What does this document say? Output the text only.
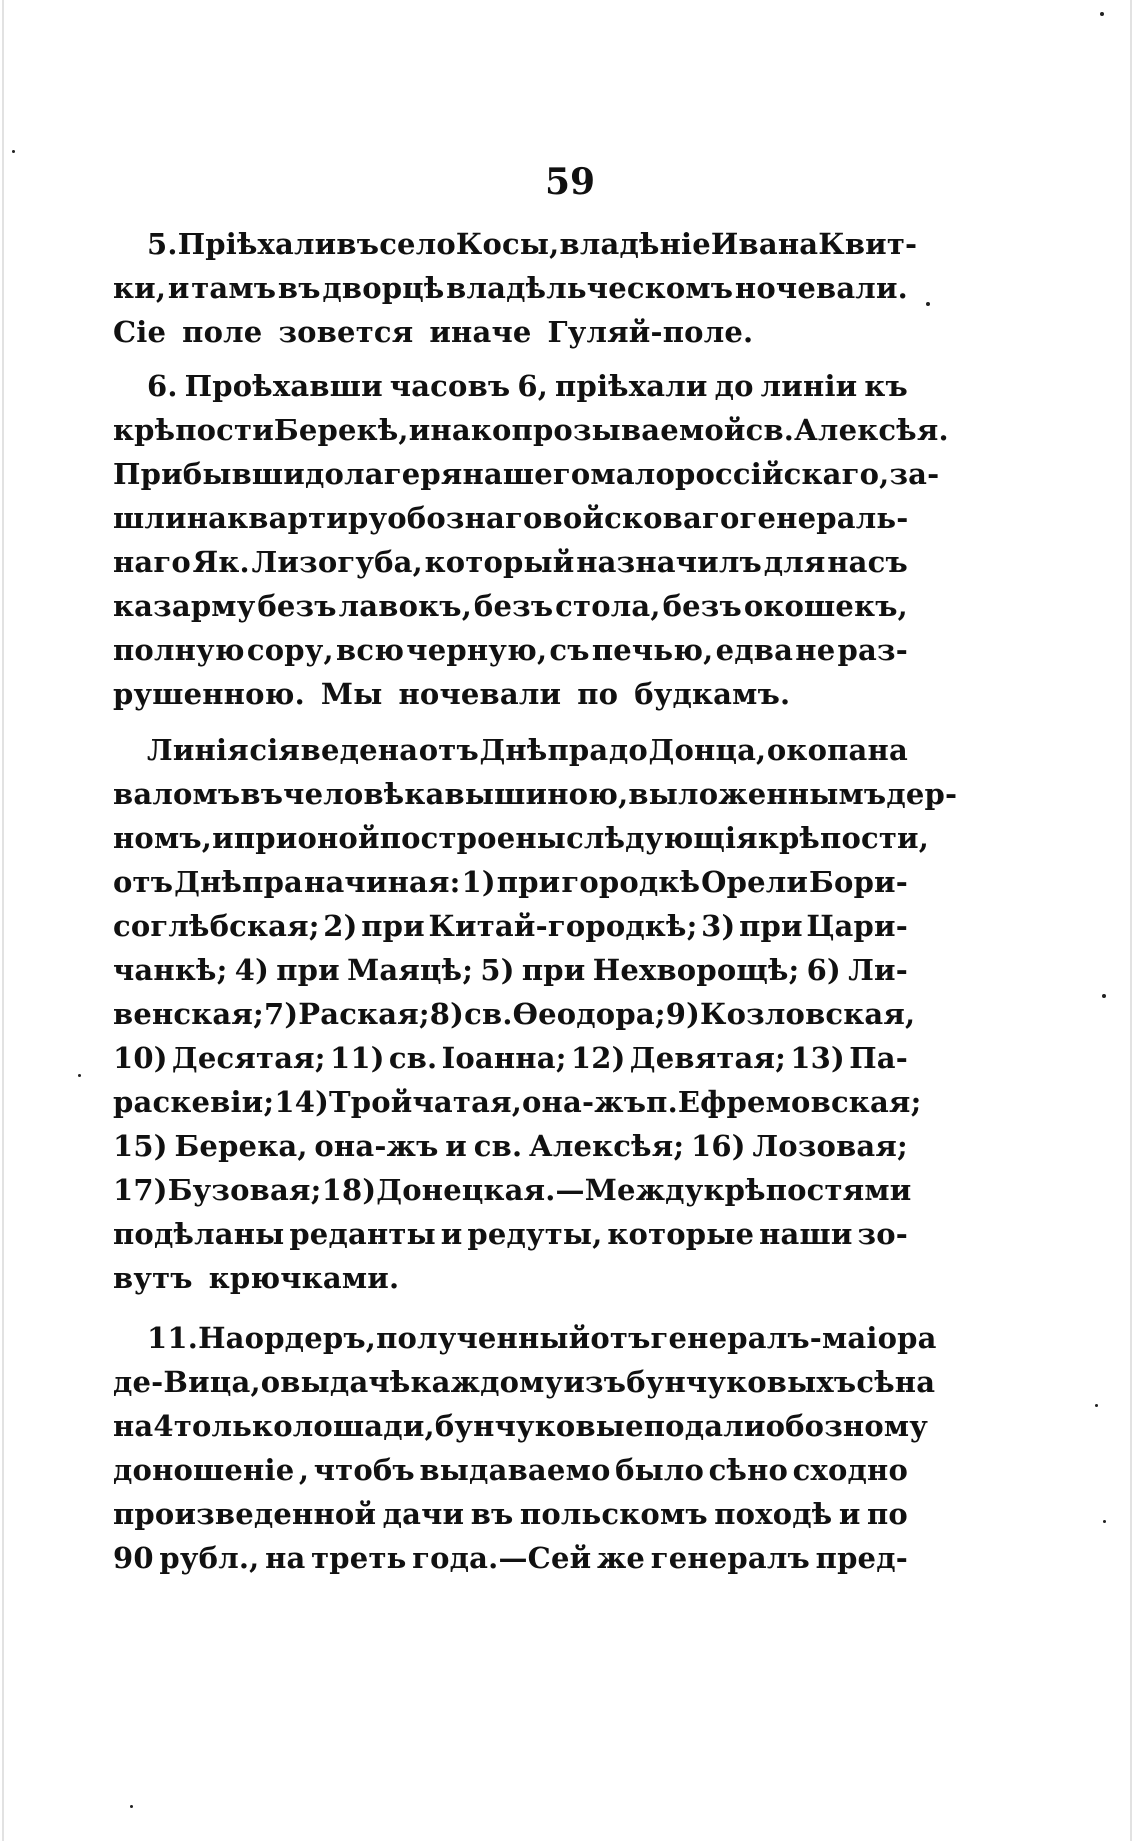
59
5. Пріѣхали въ село Косы, владѣніе Ивана Квит-
ки, и тамъ въ дворцѣ владѣльческомъ ночевали.
Сіе поле зовется иначе Гуляй-поле.
6. Проѣхавши часовъ 6, пріѣхали до линіи къ
крѣпости Берекѣ, инако прозываемой св. Алексѣя.
Прибывши до лагеря нашего малороссійскаго, за-
шли на квартиру обознаго войсковаго генераль-
наго Як. Лизогуба, который назначилъ для насъ
казарму безъ лавокъ, безъ стола, безъ окошекъ,
полную сору, всю черную, съ печью, едва не раз-
рушенною. Мы ночевали по будкамъ.
Линія сія ведена отъ Днѣпра до Донца, окопана
валомъ въ человѣка вышиною, выложеннымъ дер-
номъ, и при оной построены слѣдующія крѣпости,
отъ Днѣпра начиная: 1) при городкѣ Орели Бори-
соглѣбская; 2) при Китай-городкѣ; 3) при Цари-
чанкѣ; 4) при Маяцѣ; 5) при Нехворощѣ; 6) Ли-
венская; 7) Раская; 8) св. Ѳеодора; 9) Козловская,
10) Десятая; 11) св. Іоанна; 12) Девятая; 13) Па-
раскевіи; 14) Тройчатая, она-жъ п. Ефремовская ;
15) Берека, она-жъ и св. Алексѣя; 16) Лозовая;
17) Бузовая; 18) Донецкая. — Между крѣпостями
подѣланы реданты и редуты, которые наши зо-
вутъ крючками.
11. На ордеръ, полученный отъ генералъ-маіора
де-Вица, о выдачѣ каждому изъ бунчуковыхъ сѣна
на 4 только лошади, бунчуковые подали обозному
доношеніе , чтобъ выдаваемо было сѣно сходно
произведенной дачи въ польскомъ походѣ и по
90 рубл., на треть года.—Сей же генералъ пред-
